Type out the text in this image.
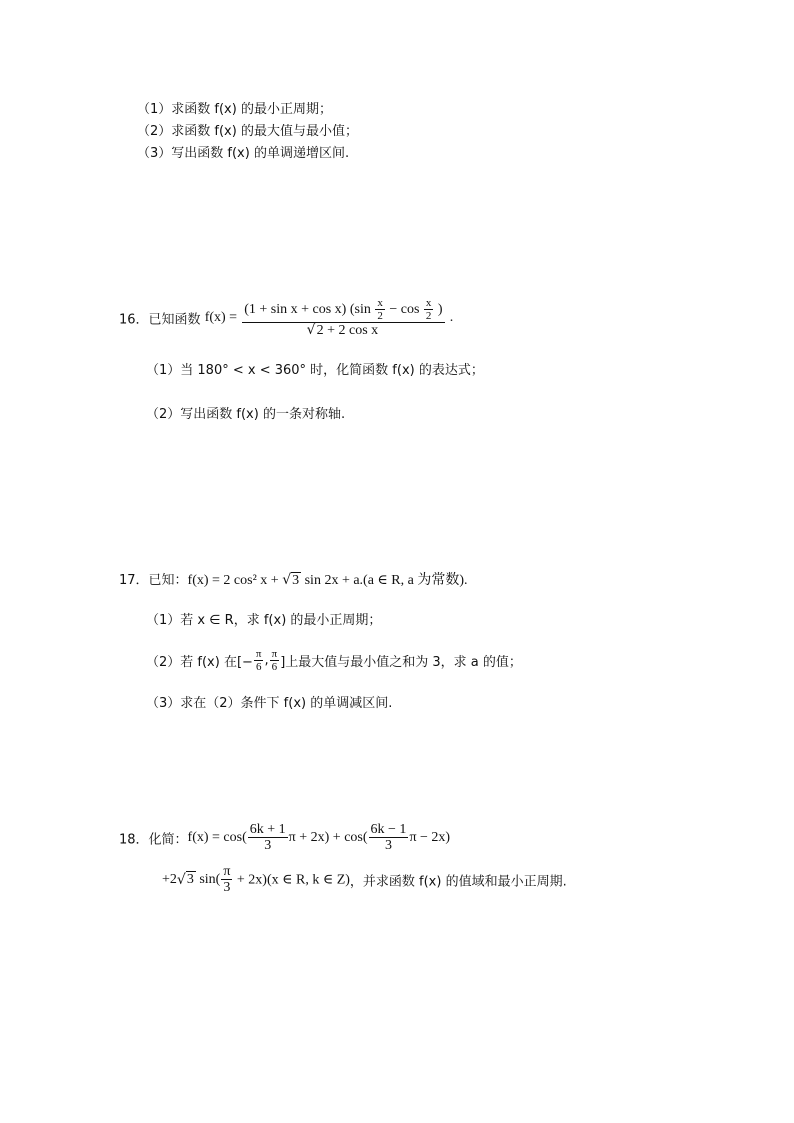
（1）求函数 f(x) 的最小正周期；
（2）求函数 f(x) 的最大值与最小值；
（3）写出函数 f(x) 的单调递增区间.
16．已知函数 f(x) =
(1 + sin x + cos x) ($\sin \frac{x}{2} - \cos \frac{x}{2}$ )
√2 + 2 cos x
.
（1）当 180° < x < 360° 时，化简函数 f(x) 的表达式；
（2）写出函数 f(x) 的一条对称轴.
17．已知：f(x) = 2 cos² x + √3 sin 2x + a.(a ∈ R, a 为常数).
（1）若 x ∈ R，求 f(x) 的最小正周期；
（2）若 f(x) 在[− $\frac{\pi}{6}$ , $\frac{\pi}{6}$ ]上最大值与最小值之和为 3，求 a 的值；
（3）求在（2）条件下 f(x) 的单调减区间.
18．化简：$f(x) = \cos( \frac{6k + 1}{3}$ $\pi + 2x) + \cos( \frac{6k - 1}{3}$ π − 2x)
+2√3 $\sin( \frac{\pi}{3} + 2x)(x$ ∈ R, k ∈ Z)，并求函数 f(x) 的值域和最小正周期.
